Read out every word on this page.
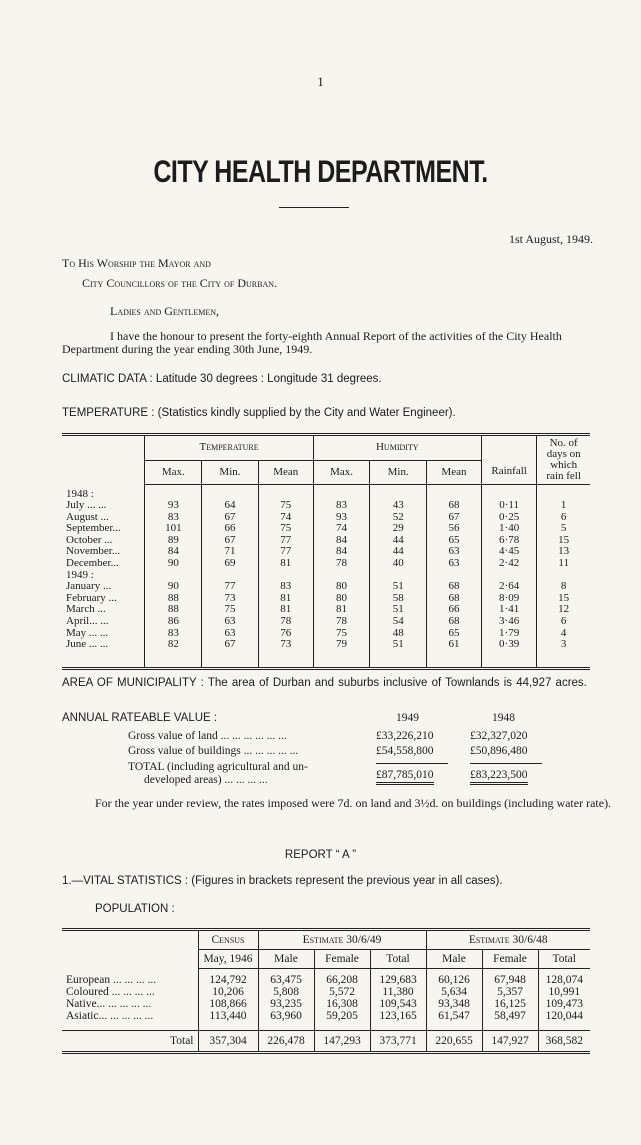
1
CITY HEALTH DEPARTMENT.
1st August, 1949.
To His Worship the Mayor and
City Councillors of the City of Durban.
Ladies and Gentlemen,
I have the honour to present the forty-eighth Annual Report of the activities of the City Health Department during the year ending 30th June, 1949.
CLIMATIC DATA : Latitude 30 degrees : Longitude 31 degrees.
TEMPERATURE : (Statistics kindly supplied by the City and Water Engineer).
	Temperature			Humidity				No. of days on which rain fell
	Max.	Min.	Mean	Max.	Min.	Mean	Rainfall	
1948 :								
July ... ...	93	64	75	83	43	68	0·11	1
August ...	83	67	74	93	52	67	0·25	6
September...	101	66	75	74	29	56	1·40	5
October ...	89	67	77	84	44	65	6·78	15
November...	84	71	77	84	44	63	4·45	13
December...	90	69	81	78	40	63	2·42	11
1949 :								
January ...	90	77	83	80	51	68	2·64	8
February ...	88	73	81	80	58	68	8·09	15
March ...	88	75	81	81	51	66	1·41	12
April... ...	86	63	78	78	54	68	3·46	6
May ... ...	83	63	76	75	48	65	1·79	4
June ... ...	82	67	73	79	51	61	0·39	3

AREA OF MUNICIPALITY : The area of Durban and suburbs inclusive of Townlands is 44,927 acres.
ANNUAL RATEABLE VALUE :	1949	1948
Gross value of land ... ... ... ... ... ...	£33,226,210	£32,327,020
Gross value of buildings ... ... ... ... ...	£54,558,800	£50,896,480
TOTAL (including agricultural and un-
developed areas) ... ... ... ...	£87,785,010	£83,223,500
For the year under review, the rates imposed were 7d. on land and 3½d. on buildings (including water rate).
REPORT “ A ”
1.—VITAL STATISTICS : (Figures in brackets represent the previous year in all cases).
POPULATION :
	Census	Estimate 30/6/49			Estimate 30/6/48		
	May, 1946	Male	Female	Total	Male	Female	Total
European ... ... ... ...	124,792	63,475	66,208	129,683	60,126	67,948	128,074
Coloured ... ... ... ...	10,206	5,808	5,572	11,380	5,634	5,357	10,991
Native... ... ... ... ...	108,866	93,235	16,308	109,543	93,348	16,125	109,473
Asiatic... ... ... ... ...	113,440	63,960	59,205	123,165	61,547	58,497	120,044

Total	357,304	226,478	147,293	373,771	220,655	147,927	368,582
